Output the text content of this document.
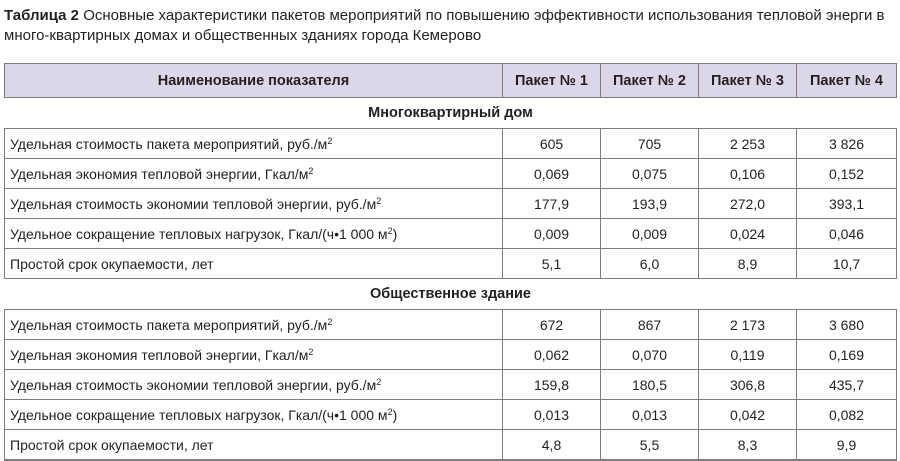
Таблица 2 Основные характеристики пакетов мероприятий по повышению эффективности использования тепловой энерги в много-квартирных домах и общественных зданиях города Кемерово
Наименование показателя	Пакет № 1	Пакет № 2	Пакет № 3	Пакет № 4
Многоквартирный дом				
Удельная стоимость пакета мероприятий, $руб./м^2$	605	705	2 253	3 826
Удельная экономия тепловой энергии, Гкал/$м^2$	0,069	0,075	0,106	0,152
Удельная стоимость экономии тепловой энергии, $руб./м^2$	177,9	193,9	272,0	393,1
Удельное сокращение тепловых нагрузок, Гкал/(ч•1 000 $м^2$)	0,009	0,009	0,024	0,046
Простой срок окупаемости, лет	5,1	6,0	8,9	10,7
Общественное здание				
Удельная стоимость пакета мероприятий, $руб./м^2$	672	867	2 173	3 680
Удельная экономия тепловой энергии, Гкал/$м^2$	0,062	0,070	0,119	0,169
Удельная стоимость экономии тепловой энергии, $руб./м^2$	159,8	180,5	306,8	435,7
Удельное сокращение тепловых нагрузок, Гкал/(ч•1 000 $м^2$)	0,013	0,013	0,042	0,082
Простой срок окупаемости, лет	4,8	5,5	8,3	9,9
